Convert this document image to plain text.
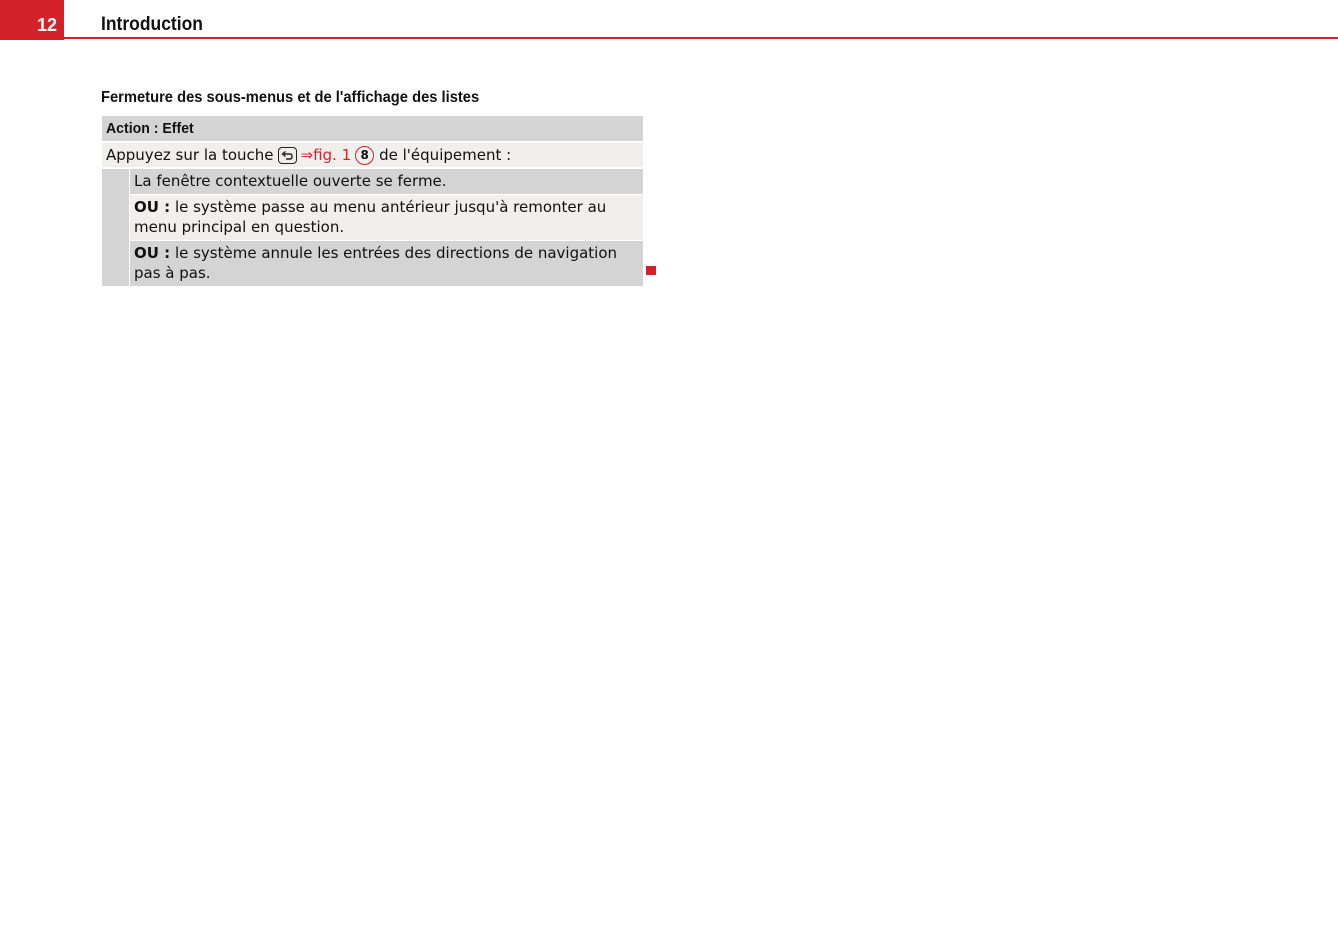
12 Introduction
Fermeture des sous-menus et de l'affichage des listes
Action : Effet
Appuyez sur la touche ⇒fig. 1 8 de l'équipement :
La fenêtre contextuelle ouverte se ferme.
OU : le système passe au menu antérieur jusqu'à remonter au menu principal en question.
OU : le système annule les entrées des directions de navigation pas à pas.
